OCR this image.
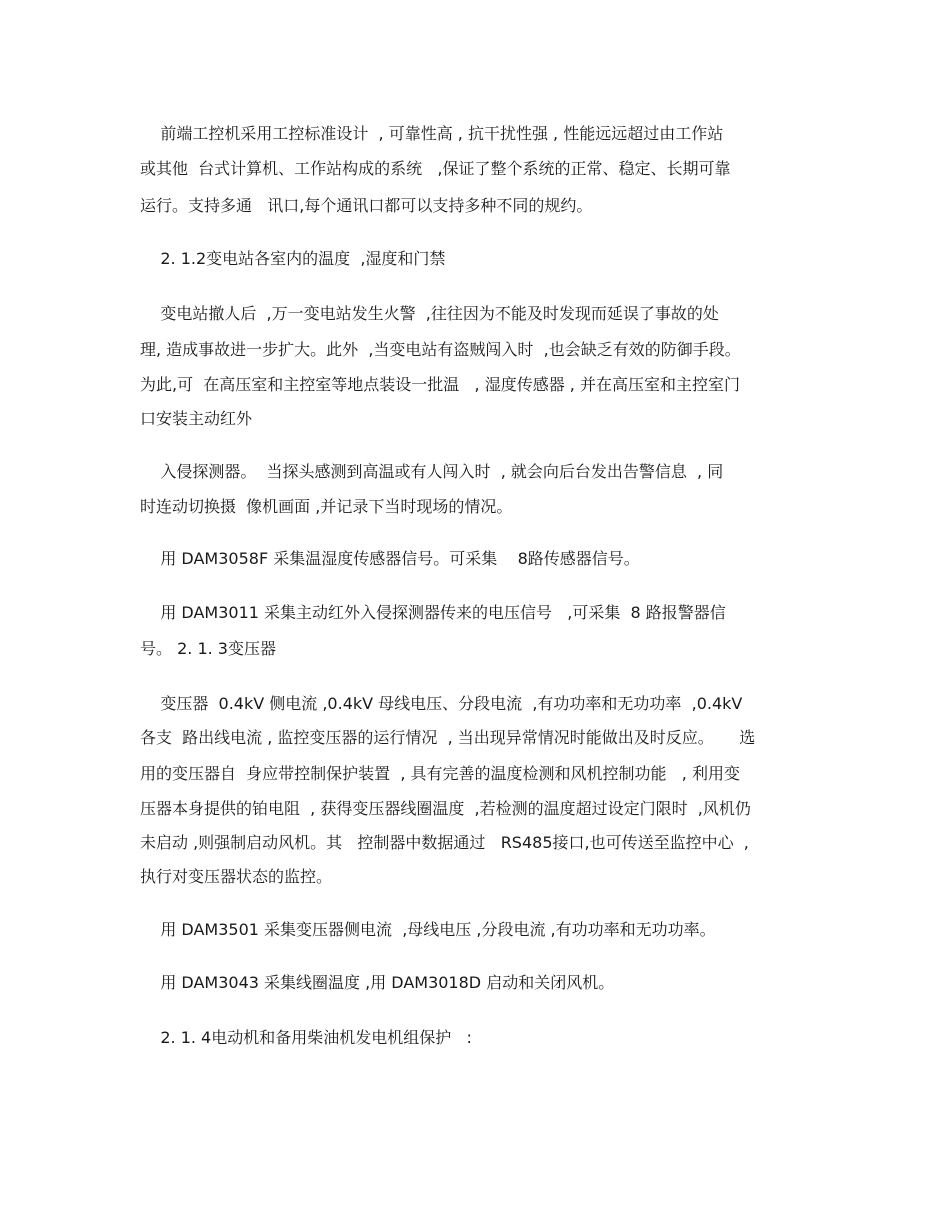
前端工控机采用工控标准设计  , 可靠性高 , 抗干扰性强 , 性能远远超过由工作站
或其他  台式计算机、工作站构成的系统   ,保证了整个系统的正常、稳定、长期可靠
运行。支持多通   讯口,每个通讯口都可以支持多种不同的规约。
2. 1.2变电站各室内的温度  ,湿度和门禁
变电站撤人后  ,万一变电站发生火警  ,往往因为不能及时发现而延误了事故的处
理, 造成事故进一步扩大。此外  ,当变电站有盗贼闯入时  ,也会缺乏有效的防御手段。
为此,可  在高压室和主控室等地点装设一批温   , 湿度传感器 , 并在高压室和主控室门
口安装主动红外
入侵探测器。  当探头感测到高温或有人闯入时  , 就会向后台发出告警信息  , 同
时连动切换摄  像机画面 ,并记录下当时现场的情况。
用 DAM3058F 采集温湿度传感器信号。可采集    8路传感器信号。
用 DAM3011 采集主动红外入侵探测器传来的电压信号   ,可采集  8 路报警器信
号。 2. 1. 3变压器
变压器  0.4kV 侧电流 ,0.4kV 母线电压、分段电流  ,有功功率和无功功率  ,0.4kV
各支  路出线电流 , 监控变压器的运行情况  , 当出现异常情况时能做出及时反应。     选
用的变压器自  身应带控制保护装置  , 具有完善的温度检测和风机控制功能   , 利用变
压器本身提供的铂电阻  , 获得变压器线圈温度  ,若检测的温度超过设定门限时  ,风机仍
未启动 ,则强制启动风机。其   控制器中数据通过   RS485接口,也可传送至监控中心  ,
执行对变压器状态的监控。
用 DAM3501 采集变压器侧电流  ,母线电压 ,分段电流 ,有功功率和无功功率。
用 DAM3043 采集线圈温度 ,用 DAM3018D 启动和关闭风机。
2. 1. 4电动机和备用柴油机发电机组保护   :
